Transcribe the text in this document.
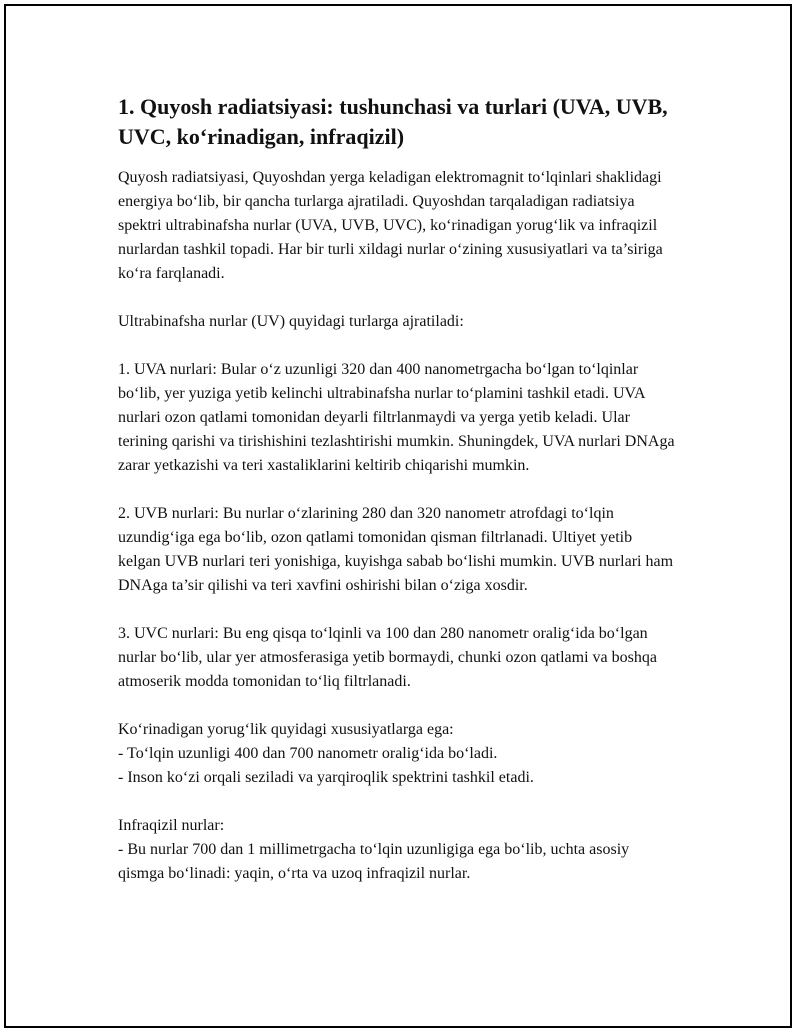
1. Quyosh radiatsiyasi: tushunchasi va turlari (UVA, UVB, UVC, ko‘rinadigan, infraqizil)

Quyosh radiatsiyasi, Quyoshdan yerga keladigan elektromagnit to‘lqinlari shaklidagi energiya bo‘lib, bir qancha turlarga ajratiladi. Quyoshdan tarqaladigan radiatsiya spektri ultrabinafsha nurlar (UVA, UVB, UVC), ko‘rinadigan yorug‘lik va infraqizil nurlardan tashkil topadi. Har bir turli xildagi nurlar o‘zining xususiyatlari va ta’siriga ko‘ra farqlanadi.

Ultrabinafsha nurlar (UV) quyidagi turlarga ajratiladi:

1. UVA nurlari: Bular o‘z uzunligi 320 dan 400 nanometrgacha bo‘lgan to‘lqinlar bo‘lib, yer yuziga yetib kelinchi ultrabinafsha nurlar to‘plamini tashkil etadi. UVA nurlari ozon qatlami tomonidan deyarli filtrlanmaydi va yerga yetib keladi. Ular terining qarishi va tirishishini tezlashtirishi mumkin. Shuningdek, UVA nurlari DNAga zarar yetkazishi va teri xastaliklarini keltirib chiqarishi mumkin.

2. UVB nurlari: Bu nurlar o‘zlarining 280 dan 320 nanometr atrofdagi to‘lqin uzundig‘iga ega bo‘lib, ozon qatlami tomonidan qisman filtrlanadi. Ultiyet yetib kelgan UVB nurlari teri yonishiga, kuyishga sabab bo‘lishi mumkin. UVB nurlari ham DNAga ta’sir qilishi va teri xavfini oshirishi bilan o‘ziga xosdir.

3. UVC nurlari: Bu eng qisqa to‘lqinli va 100 dan 280 nanometr oralig‘ida bo‘lgan nurlar bo‘lib, ular yer atmosferasiga yetib bormaydi, chunki ozon qatlami va boshqa atmoserik modda tomonidan to‘liq filtrlanadi.

Ko‘rinadigan yorug‘lik quyidagi xususiyatlarga ega:

- To‘lqin uzunligi 400 dan 700 nanometr oralig‘ida bo‘ladi.

- Inson ko‘zi orqali seziladi va yarqiroqlik spektrini tashkil etadi.

Infraqizil nurlar:

- Bu nurlar 700 dan 1 millimetrgacha to‘lqin uzunligiga ega bo‘lib, uchta asosiy qismga bo‘linadi: yaqin, o‘rta va uzoq infraqizil nurlar.
